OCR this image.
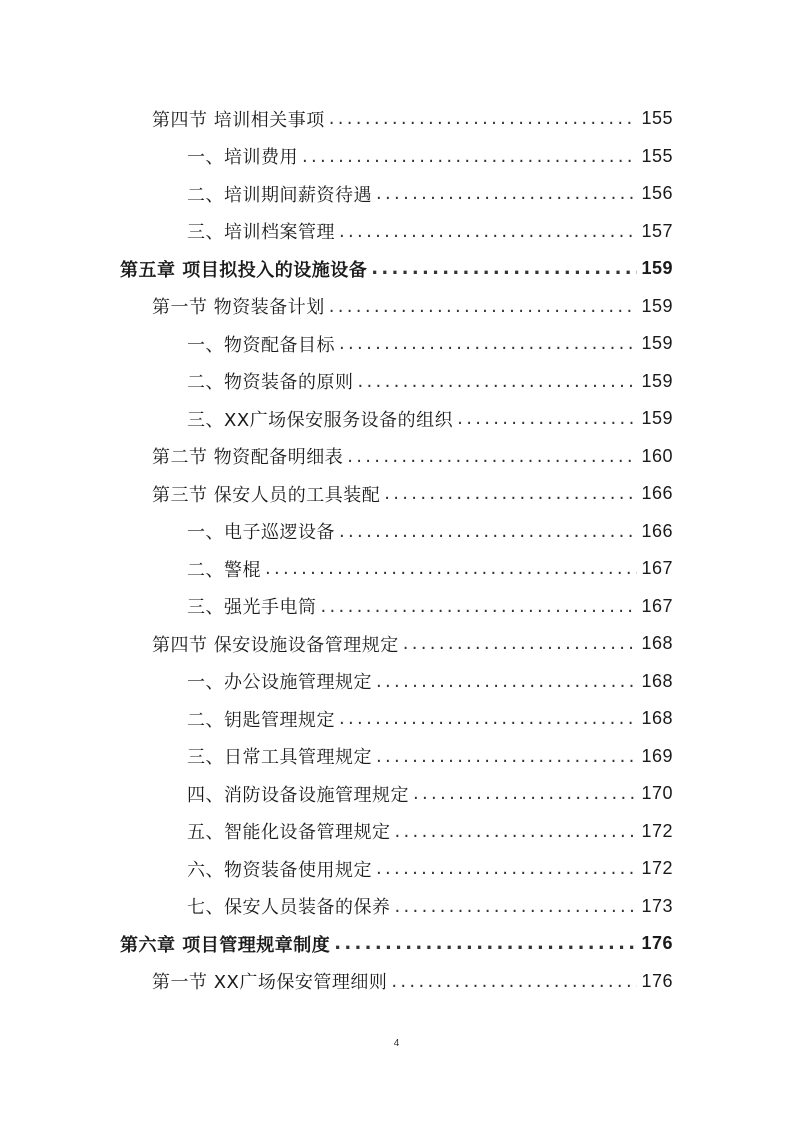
第四节 培训相关事项 .....	155
一、培训费用 .....	155
二、培训期间薪资待遇 .....	156
三、培训档案管理 .....	157
第五章 项目拟投入的设施设备 .....	159
第一节 物资装备计划 .....	159
一、物资配备目标 .....	159
二、物资装备的原则 .....	159
三、XX广场保安服务设备的组织 .....	159
第二节 物资配备明细表 .....	160
第三节 保安人员的工具装配 .....	166
一、电子巡逻设备 .....	166
二、警棍 .....	167
三、强光手电筒 .....	167
第四节 保安设施设备管理规定 .....	168
一、办公设施管理规定 .....	168
二、钥匙管理规定 .....	168
三、日常工具管理规定 .....	169
四、消防设备设施管理规定 .....	170
五、智能化设备管理规定 .....	172
六、物资装备使用规定 .....	172
七、保安人员装备的保养 .....	173
第六章 项目管理规章制度 .....	176
第一节 XX广场保安管理细则 .....	176
4
